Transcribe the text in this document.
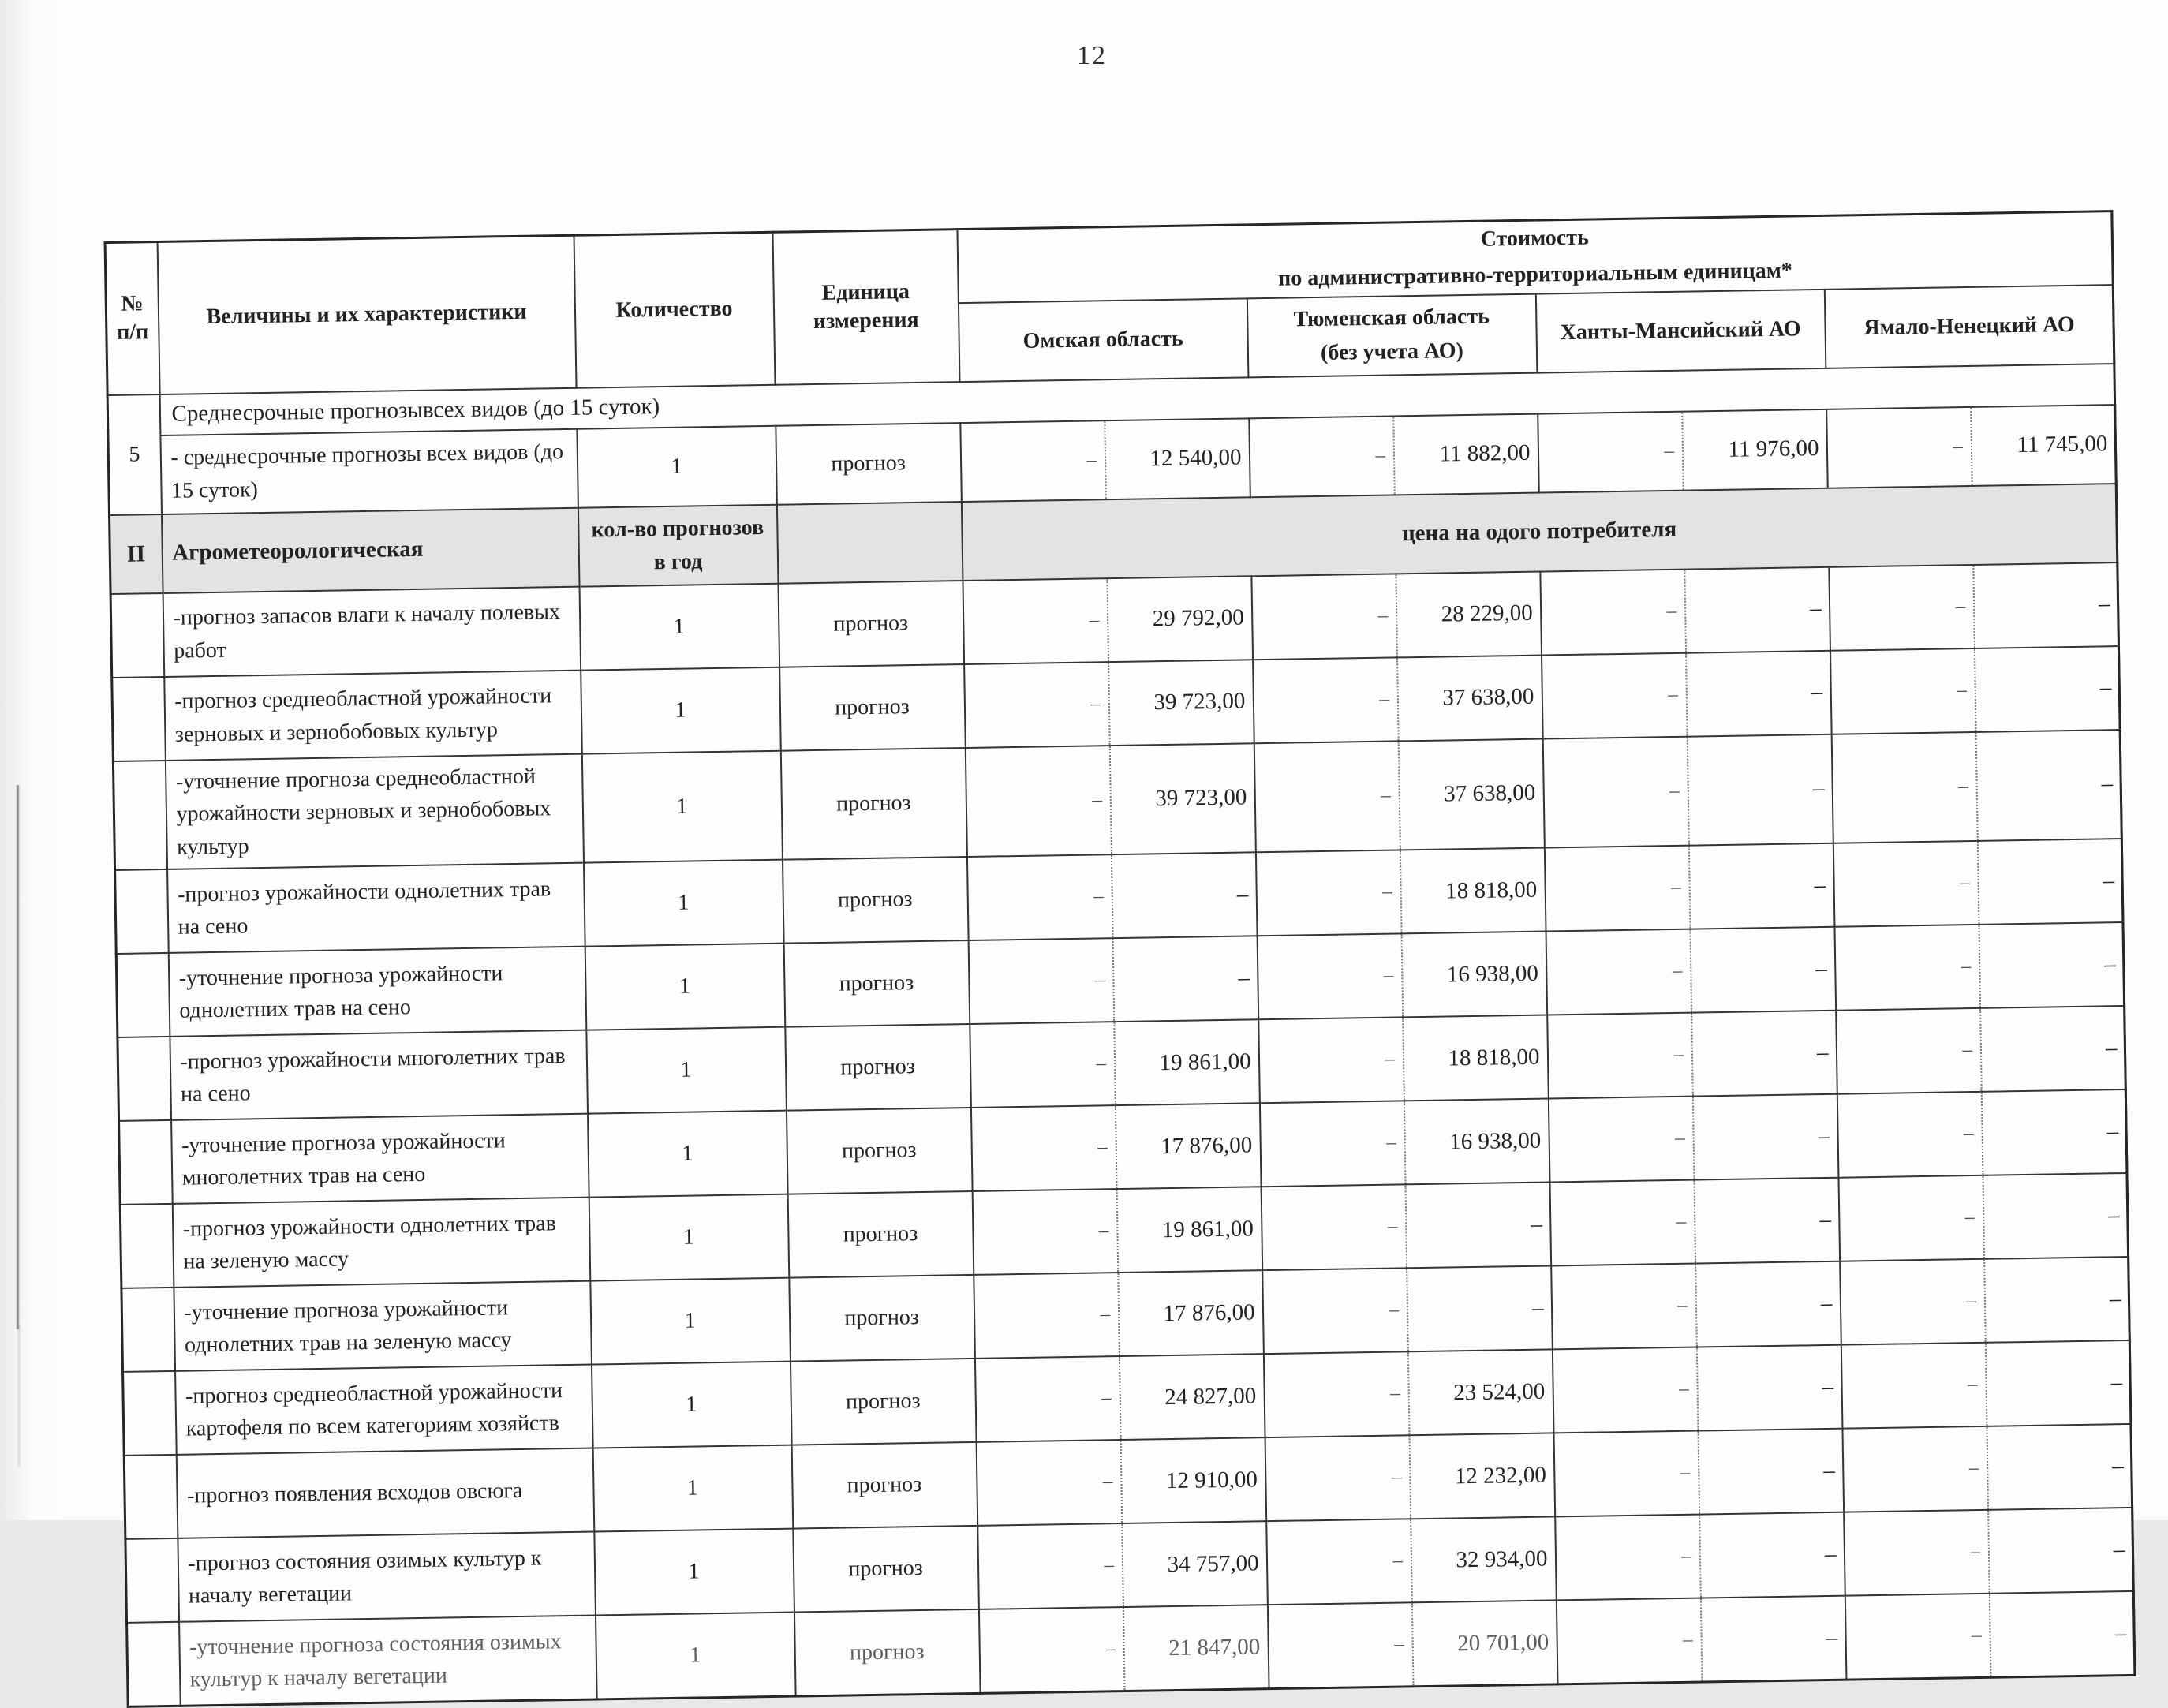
12
№
п/п
	Величины и их характеристики	Количество	
Единица
измерения

Стоимость
по административно-территориальным единицам*

				Омская область	Тюменская область
(без учета АО)	Ханты-Мансийский АО	Ямало-Ненецкий АО
5	Среднесрочные прогнозывсех видов (до 15 суток)						
	- среднесрочные прогнозы всех видов (до 15 суток)	1	прогноз	– 12 540,00	– 11 882,00	– 11 976,00	– 11 745,00

II	Агрометеорологическая	кол-во прогнозов в год		цена на одого потребителя			
	-прогноз запасов влаги к началу полевых работ	1	прогноз	– 29 792,00	– 28 229,00	– –	– –

	-прогноз среднеобластной урожайности зерновых и зернобобовых культур	1	прогноз	– 39 723,00	– 37 638,00	– –	– –

	-уточнение прогноза среднеобластной урожайности зерновых и зернобобовых культур	1	прогноз	– 39 723,00	– 37 638,00	– –	– –

	-прогноз урожайности однолетних трав на сено	1	прогноз	– –	– 18 818,00	– –	– –

	-уточнение прогноза урожайности однолетних трав на сено	1	прогноз	– –	– 16 938,00	– –	– –

	-прогноз урожайности многолетних трав на сено	1	прогноз	– 19 861,00	– 18 818,00	– –	– –

	-уточнение прогноза урожайности многолетних трав на сено	1	прогноз	– 17 876,00	– 16 938,00	– –	– –

	-прогноз урожайности однолетних трав на зеленую массу	1	прогноз	– 19 861,00	– –	– –	– –

	-уточнение прогноза урожайности однолетних трав на зеленую массу	1	прогноз	– 17 876,00	– –	– –	– –

	-прогноз среднеобластной урожайности картофеля по всем категориям хозяйств	1	прогноз	– 24 827,00	– 23 524,00	– –	– –

	-прогноз появления всходов овсюга	1	прогноз	– 12 910,00	– 12 232,00	– –	– –

	-прогноз состояния озимых культур к началу вегетации	1	прогноз	– 34 757,00	– 32 934,00	– –	– –

	-уточнение прогноза состояния озимых культур к началу вегетации	1	прогноз	– 21 847,00	– 20 701,00	– –	– –
